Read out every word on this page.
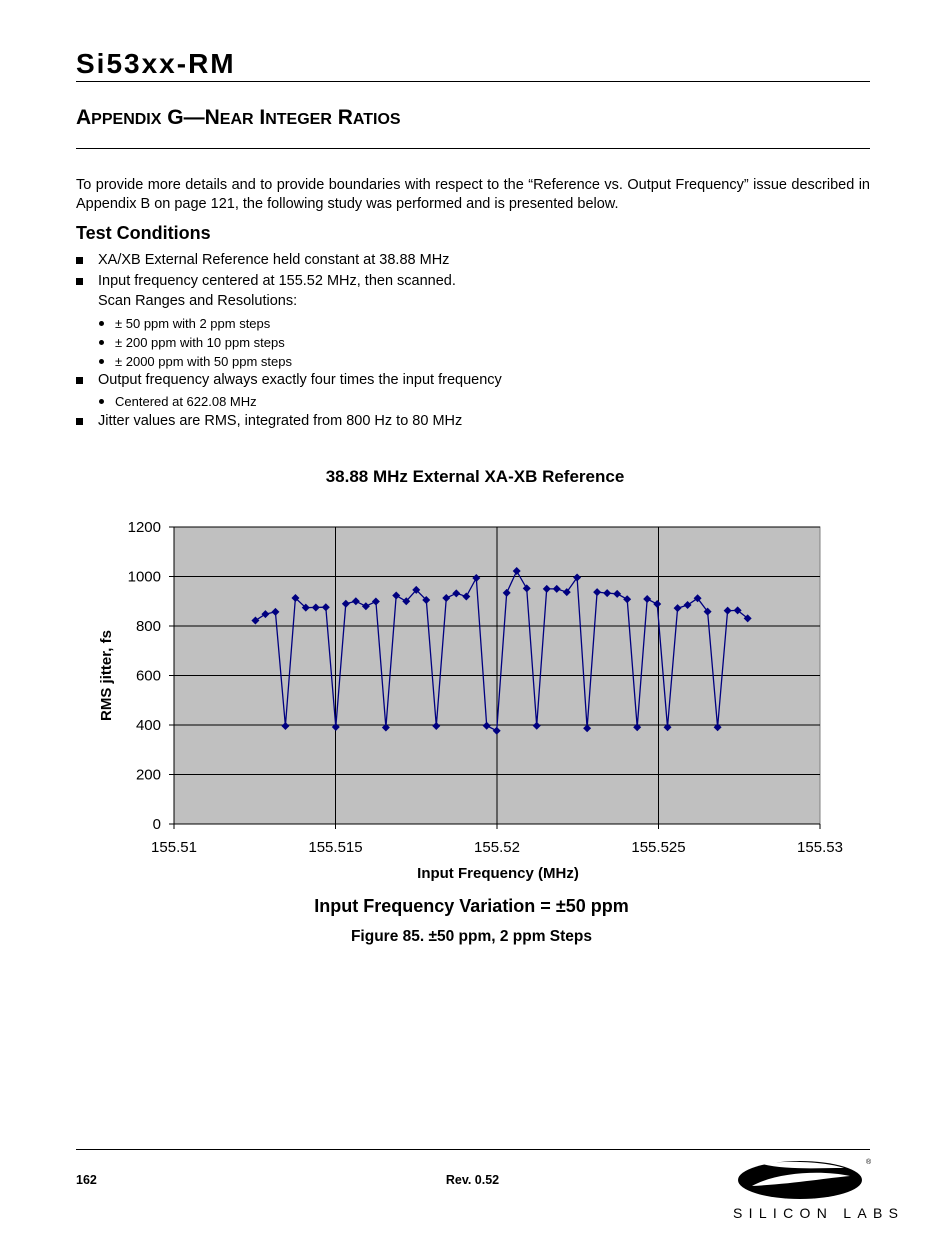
Si53xx-RM
APPENDIX G—NEAR INTEGER RATIOS

To provide more details and to provide boundaries with respect to the “Reference vs. Output Frequency” issue described in Appendix B on page 121, the following study was performed and is presented below.

Test Conditions
XA/XB External Reference held constant at 38.88 MHz
Input frequency centered at 155.52 MHz, then scanned.
Scan Ranges and Resolutions:
± 50 ppm with 2 ppm steps
± 200 ppm with 10 ppm steps
± 2000 ppm with 50 ppm steps
Output frequency always exactly four times the input frequency
Centered at 622.08 MHz
Jitter values are RMS, integrated from 800 Hz to 80 MHz
38.88 MHz External XA-XB Reference
0
200
400
600
800
1000
1200
155.51	155.515	155.52	155.525	155.53
Input Frequency (MHz)
RMS jitter, fs
Input Frequency Variation = ±50 ppm
Figure 85. ±50 ppm, 2 ppm Steps
162	Rev. 0.52
®
SILICON LABS
